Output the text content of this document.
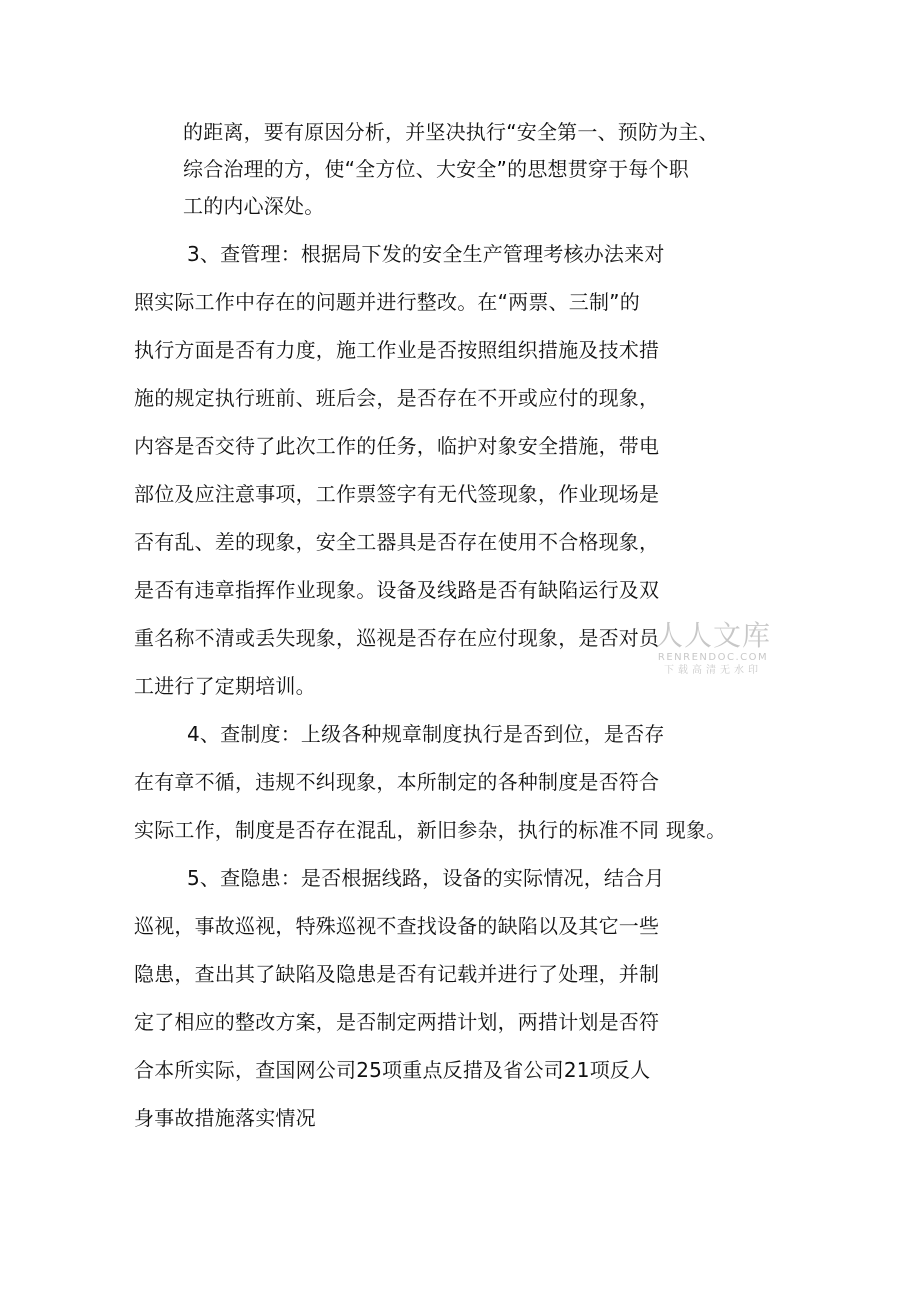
的距离，要有原因分析，并坚决执行“安全第一、预防为主、
综合治理的方，使“全方位、大安全”的思想贯穿于每个职
工的内心深处。
3、查管理：根据局下发的安全生产管理考核办法来对
照实际工作中存在的问题并进行整改。在“两票、三制”的
执行方面是否有力度，施工作业是否按照组织措施及技术措
施的规定执行班前、班后会，是否存在不开或应付的现象，
内容是否交待了此次工作的任务，临护对象安全措施，带电
部位及应注意事项，工作票签字有无代签现象，作业现场是
否有乱、差的现象，安全工器具是否存在使用不合格现象，
是否有违章指挥作业现象。设备及线路是否有缺陷运行及双
重名称不清或丢失现象，巡视是否存在应付现象，是否对员
工进行了定期培训。
4、查制度：上级各种规章制度执行是否到位，是否存
在有章不循，违规不纠现象，本所制定的各种制度是否符合
实际工作，制度是否存在混乱，新旧参杂，执行的标准不同 现象。
5、查隐患：是否根据线路，设备的实际情况，结合月
巡视，事故巡视，特殊巡视不查找设备的缺陷以及其它一些
隐患，查出其了缺陷及隐患是否有记载并进行了处理，并制
定了相应的整改方案，是否制定两措计划，两措计划是否符
合本所实际，查国网公司25项重点反措及省公司21项反人
身事故措施落实情况
人人文库
RENRENDOC.COM
下载高清无水印
